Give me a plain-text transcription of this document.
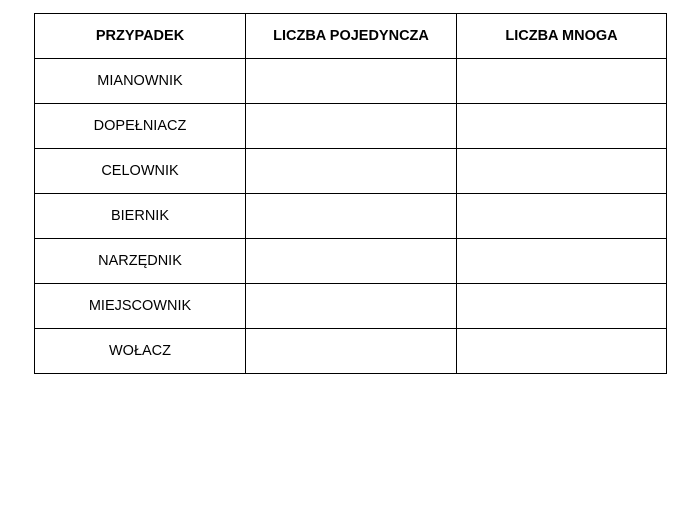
PRZYPADEK	LICZBA POJEDYNCZA	LICZBA MNOGA
MIANOWNIK		
DOPEŁNIACZ		
CELOWNIK		
BIERNIK		
NARZĘDNIK		
MIEJSCOWNIK		
WOŁACZ		
